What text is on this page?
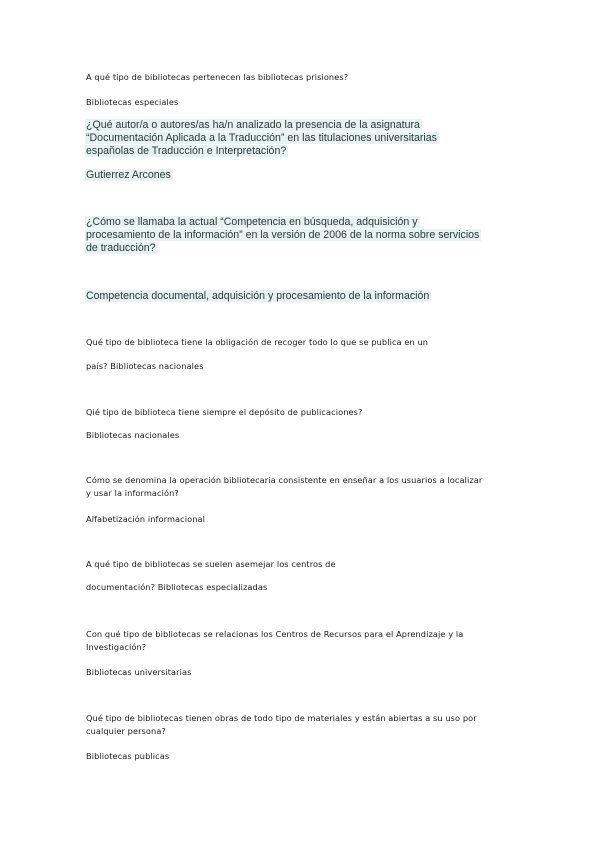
A qué tipo de bibliotecas pertenecen las bibliotecas prisiones?
Bibliotecas especiales
¿Qué autor/a o autores/as ha/n analizado la presencia de la asignatura
“Documentación Aplicada a la Traducción” en las titulaciones universitarias
españolas de Traducción e Interpretación?
Gutierrez Arcones
¿Cómo se llamaba la actual “Competencia en búsqueda, adquisición y
procesamiento de la información” en la versión de 2006 de la norma sobre servicios
de traducción?
Competencia documental, adquisición y procesamiento de la información
Qué tipo de biblioteca tiene la obligación de recoger todo lo que se publica en un
país? Bibliotecas nacionales
Qié tipo de biblioteca tiene siempre el depósito de publicaciones?
Bibliotecas nacionales
Cómo se denomina la operación bibliotecaria consistente en enseñar a los usuarios a localizar
y usar la información?
Alfabetización informacional
A qué tipo de bibliotecas se suelen asemejar los centros de
documentación? Bibliotecas especializadas
Con qué tipo de bibliotecas se relacionas los Centros de Recursos para el Aprendizaje y la
Investigación?
Bibliotecas universitarias
Qué tipo de bibliotecas tienen obras de todo tipo de materiales y están abiertas a su uso por
cualquier persona?
Bibliotecas publicas
